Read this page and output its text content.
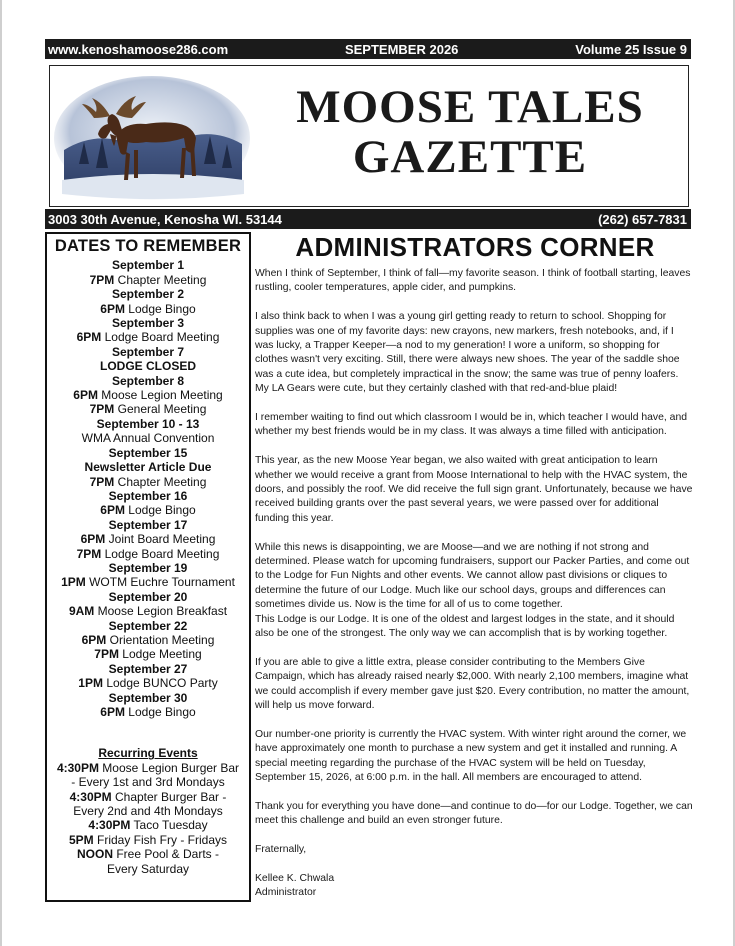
www.kenoshamoose286.com	SEPTEMBER 2026	Volume 25 Issue 9
MOOSE TALES
GAZETTE
3003 30th Avenue, Kenosha WI. 53144	(262) 657-7831
DATES TO REMEMBER
September 1
7PM Chapter Meeting
September 2
6PM Lodge Bingo
September 3
6PM Lodge Board Meeting
September 7
LODGE CLOSED
September 8
6PM Moose Legion Meeting
7PM General Meeting
September 10 - 13
WMA Annual Convention
September 15
Newsletter Article Due
7PM Chapter Meeting
September 16
6PM Lodge Bingo
September 17
6PM Joint Board Meeting
7PM Lodge Board Meeting
September 19
1PM WOTM Euchre Tournament
September 20
9AM Moose Legion Breakfast
September 22
6PM Orientation Meeting
7PM Lodge Meeting
September 27
1PM Lodge BUNCO Party
September 30
6PM Lodge Bingo
Recurring Events
4:30PM Moose Legion Burger Bar
- Every 1st and 3rd Mondays
4:30PM Chapter Burger Bar -
Every 2nd and 4th Mondays
4:30PM Taco Tuesday
5PM Friday Fish Fry - Fridays
NOON Free Pool & Darts -
Every Saturday
ADMINISTRATORS CORNER

When I think of September, I think of fall—my favorite season. I think of football starting, leaves rustling, cooler temperatures, apple cider, and pumpkins.

I also think back to when I was a young girl getting ready to return to school. Shopping for supplies was one of my favorite days: new crayons, new markers, fresh notebooks, and, if I was lucky, a Trapper Keeper—a nod to my generation! I wore a uniform, so shopping for clothes wasn't very exciting. Still, there were always new shoes. The year of the saddle shoe was a cute idea, but completely impractical in the snow; the same was true of penny loafers. My LA Gears were cute, but they certainly clashed with that red-and-blue plaid!

I remember waiting to find out which classroom I would be in, which teacher I would have, and whether my best friends would be in my class. It was always a time filled with anticipation.

This year, as the new Moose Year began, we also waited with great anticipation to learn whether we would receive a grant from Moose International to help with the HVAC system, the doors, and possibly the roof. We did receive the full sign grant. Unfortunately, because we have received building grants over the past several years, we were passed over for additional funding this year.

While this news is disappointing, we are Moose—and we are nothing if not strong and determined. Please watch for upcoming fundraisers, support our Packer Parties, and come out to the Lodge for Fun Nights and other events. We cannot allow past divisions or cliques to determine the future of our Lodge. Much like our school days, groups and differences can sometimes divide us. Now is the time for all of us to come together.

This Lodge is our Lodge. It is one of the oldest and largest lodges in the state, and it should also be one of the strongest. The only way we can accomplish that is by working together.

If you are able to give a little extra, please consider contributing to the Members Give Campaign, which has already raised nearly $2,000. With nearly 2,100 members, imagine what we could accomplish if every member gave just $20. Every contribution, no matter the amount, will help us move forward.

Our number-one priority is currently the HVAC system. With winter right around the corner, we have approximately one month to purchase a new system and get it installed and running. A special meeting regarding the purchase of the HVAC system will be held on Tuesday, September 15, 2026, at 6:00 p.m. in the hall. All members are encouraged to attend.

Thank you for everything you have done—and continue to do—for our Lodge. Together, we can meet this challenge and build an even stronger future.

Fraternally,

Kellee K. Chwala

Administrator
